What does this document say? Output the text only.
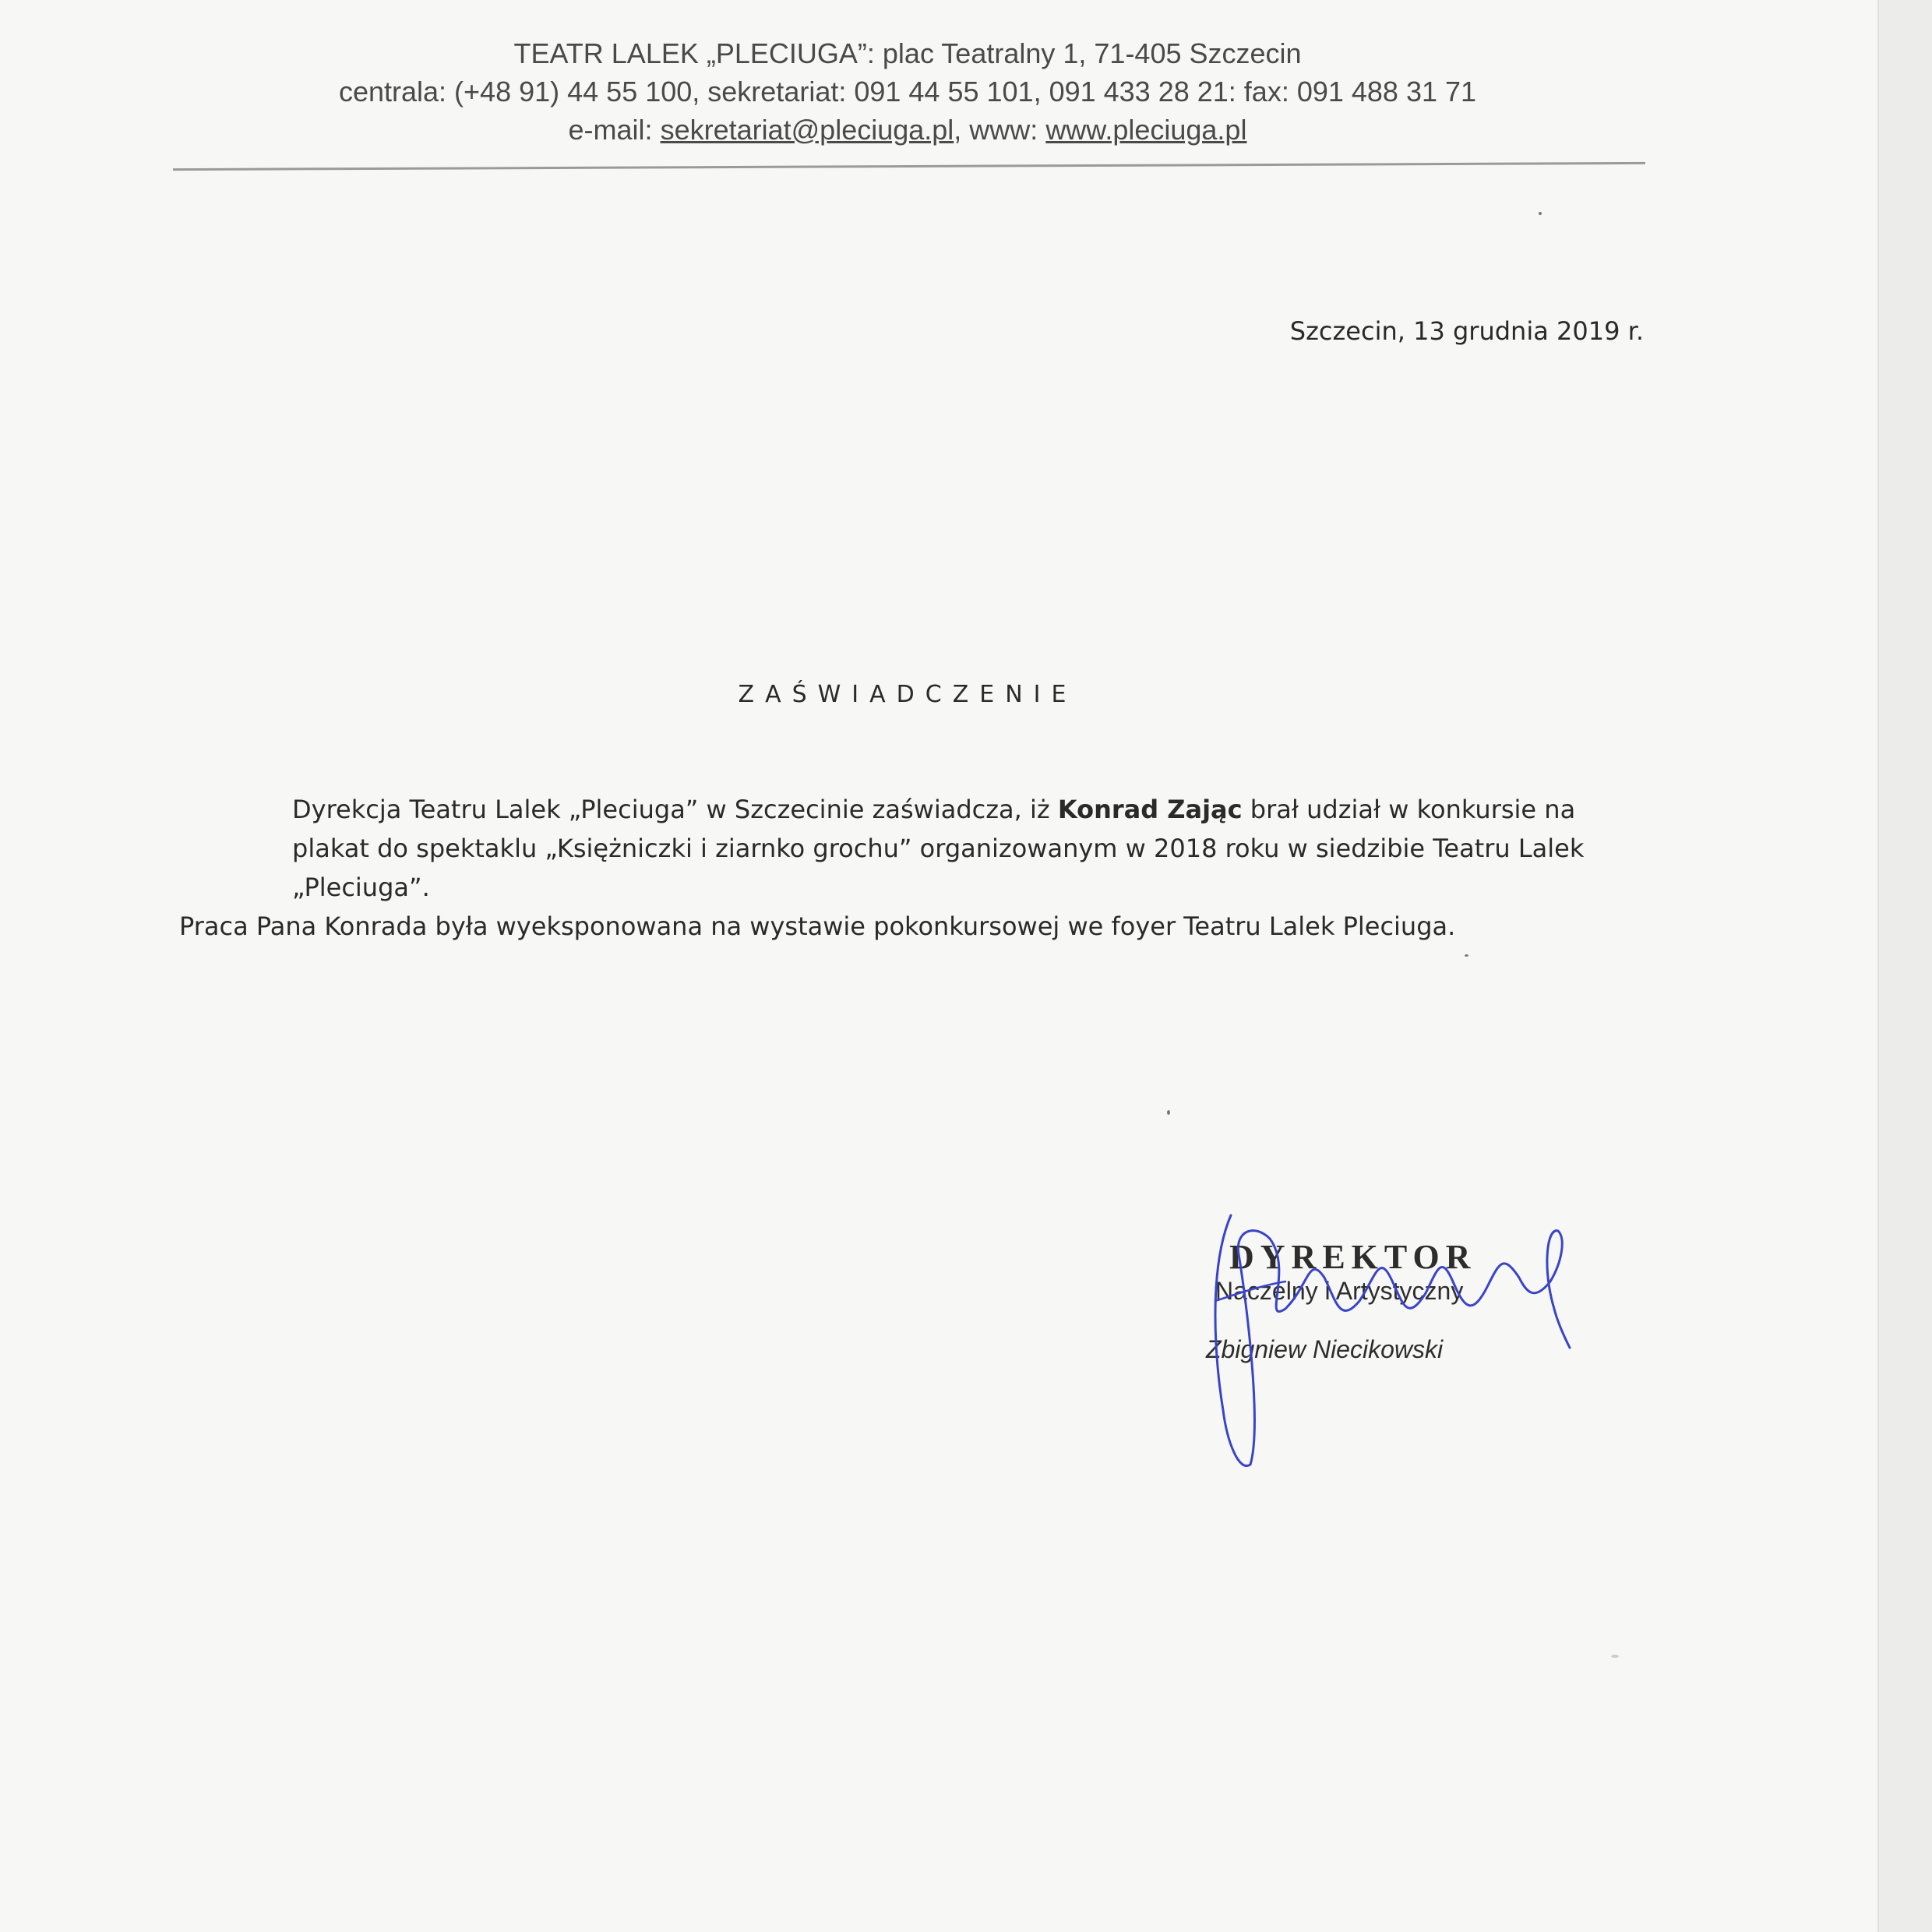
TEATR LALEK „PLECIUGA”: plac Teatralny 1, 71-405 Szczecin
centrala: (+48 91) 44 55 100, sekretariat: 091 44 55 101, 091 433 28 21: fax: 091 488 31 71
e-mail: sekretariat@pleciuga.pl, www: www.pleciuga.pl
Szczecin, 13 grudnia 2019 r.
ZAŚWIADCZENIE

Dyrekcja Teatru Lalek „Pleciuga” w Szczecinie zaświadcza, iż Konrad Zając brał udział w konkursie na plakat do spektaklu „Księżniczki i ziarnko grochu” organizowanym w 2018 roku w siedzibie Teatru Lalek „Pleciuga”.

Praca Pana Konrada była wyeksponowana na wystawie pokonkursowej we foyer Teatru Lalek Pleciuga.

DYREKTOR
Naczelny i Artystyczny
Zbigniew Niecikowski
